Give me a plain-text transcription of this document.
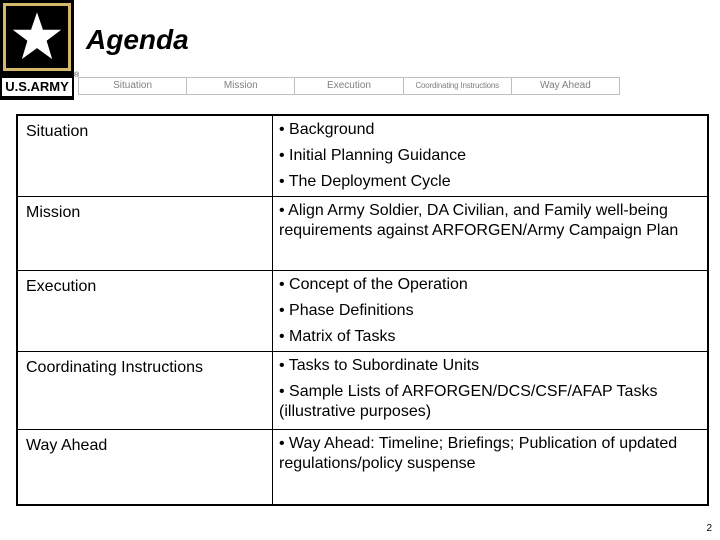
U.S.ARMY
®
Agenda
Situation	Mission	Execution	Coordinating Instructions	Way Ahead
Situation	• Background
• Initial Planning Guidance
• The Deployment Cycle

Mission	• Align Army Soldier, DA Civilian, and Family well-being requirements against ARFORGEN/Army Campaign Plan

Execution	• Concept of the Operation
• Phase Definitions
• Matrix of Tasks

Coordinating Instructions	• Tasks to Subordinate Units
• Sample Lists of ARFORGEN/DCS/CSF/AFAP Tasks (illustrative purposes)

Way Ahead	• Way Ahead: Timeline; Briefings; Publication of updated regulations/policy suspense
2
